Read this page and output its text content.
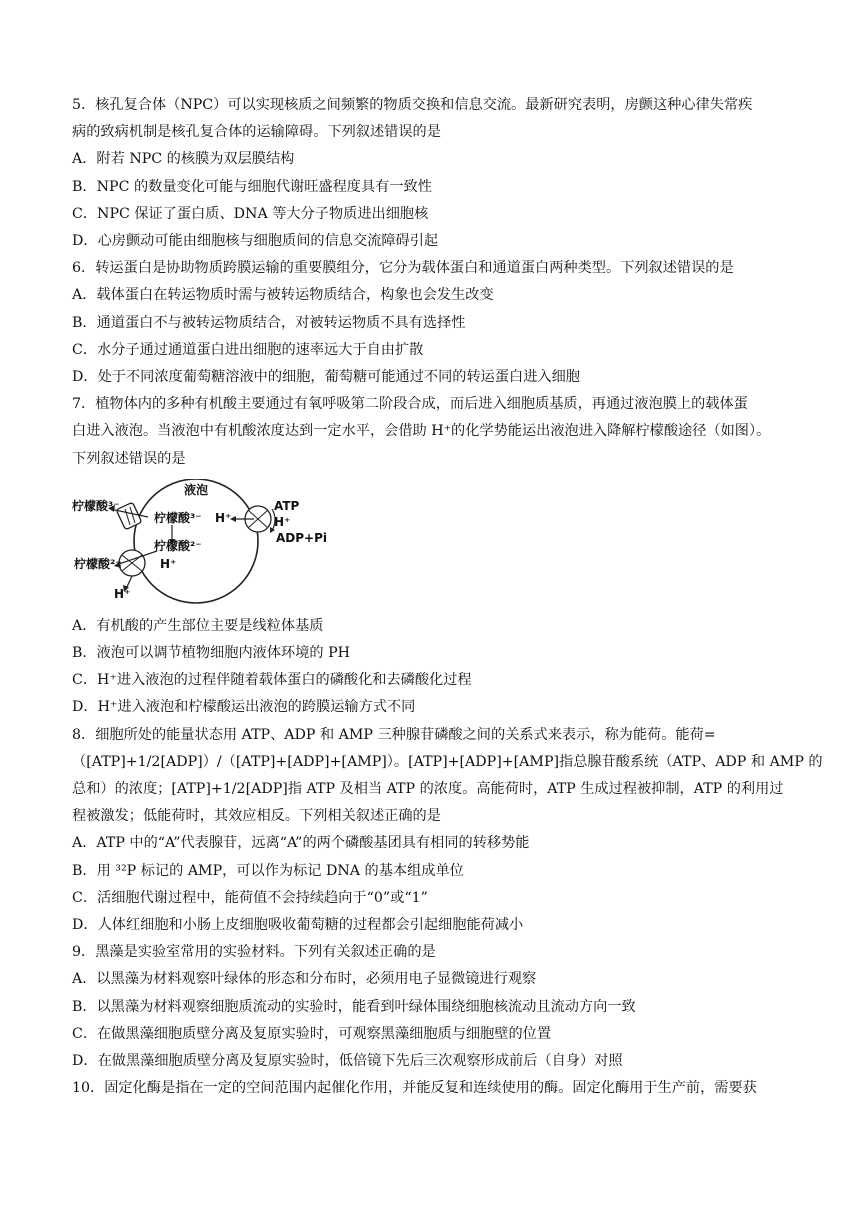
5．核孔复合体（NPC）可以实现核质之间频繁的物质交换和信息交流。最新研究表明，房颤这种心律失常疾
病的致病机制是核孔复合体的运输障碍。下列叙述错误的是
A．附若 NPC 的核膜为双层膜结构
B．NPC 的数量变化可能与细胞代谢旺盛程度具有一致性
C．NPC 保证了蛋白质、DNA 等大分子物质进出细胞核
D．心房颤动可能由细胞核与细胞质间的信息交流障碍引起
6．转运蛋白是协助物质跨膜运输的重要膜组分，它分为载体蛋白和通道蛋白两种类型。下列叙述错误的是
A．载体蛋白在转运物质时需与被转运物质结合，构象也会发生改变
B．通道蛋白不与被转运物质结合，对被转运物质不具有选择性
C．水分子通过通道蛋白进出细胞的速率远大于自由扩散
D．处于不同浓度葡萄糖溶液中的细胞，葡萄糖可能通过不同的转运蛋白进入细胞
7．植物体内的多种有机酸主要通过有氧呼吸第二阶段合成，而后进入细胞质基质，再通过液泡膜上的载体蛋
白进入液泡。当液泡中有机酸浓度达到一定水平，会借助 H⁺的化学势能运出液泡进入降解柠檬酸途径（如图）。
下列叙述错误的是
液泡
柠檬酸³⁻
柠檬酸³⁻
柠檬酸²⁻
柠檬酸²⁻	H⁺
H⁺
H⁺
ATP
H⁺
ADP+Pi
A．有机酸的产生部位主要是线粒体基质
B．液泡可以调节植物细胞内液体环境的 PH
C．H⁺进入液泡的过程伴随着载体蛋白的磷酸化和去磷酸化过程
D．H⁺进入液泡和柠檬酸运出液泡的跨膜运输方式不同
8．细胞所处的能量状态用 ATP、ADP 和 AMP 三种腺苷磷酸之间的关系式来表示，称为能荷。能荷=
（[ATP]+1/2[ADP]）/（[ATP]+[ADP]+[AMP]）。[ATP]+[ADP]+[AMP]指总腺苷酸系统（ATP、ADP 和 AMP 的
总和）的浓度；[ATP]+1/2[ADP]指 ATP 及相当 ATP 的浓度。高能荷时，ATP 生成过程被抑制，ATP 的利用过
程被激发；低能荷时，其效应相反。下列相关叙述正确的是
A．ATP 中的“A”代表腺苷，远离“A”的两个磷酸基团具有相同的转移势能
B．用 ³²P 标记的 AMP，可以作为标记 DNA 的基本组成单位
C．活细胞代谢过程中，能荷值不会持续趋向于“0”或“1”
D．人体红细胞和小肠上皮细胞吸收葡萄糖的过程都会引起细胞能荷减小
9．黑藻是实验室常用的实验材料。下列有关叙述正确的是
A．以黑藻为材料观察叶绿体的形态和分布时，必须用电子显微镜进行观察
B．以黑藻为材料观察细胞质流动的实验时，能看到叶绿体围绕细胞核流动且流动方向一致
C．在做黑藻细胞质壁分离及复原实验时，可观察黑藻细胞质与细胞壁的位置
D．在做黑藻细胞质壁分离及复原实验时，低倍镜下先后三次观察形成前后（自身）对照
10．固定化酶是指在一定的空间范围内起催化作用，并能反复和连续使用的酶。固定化酶用于生产前，需要获
